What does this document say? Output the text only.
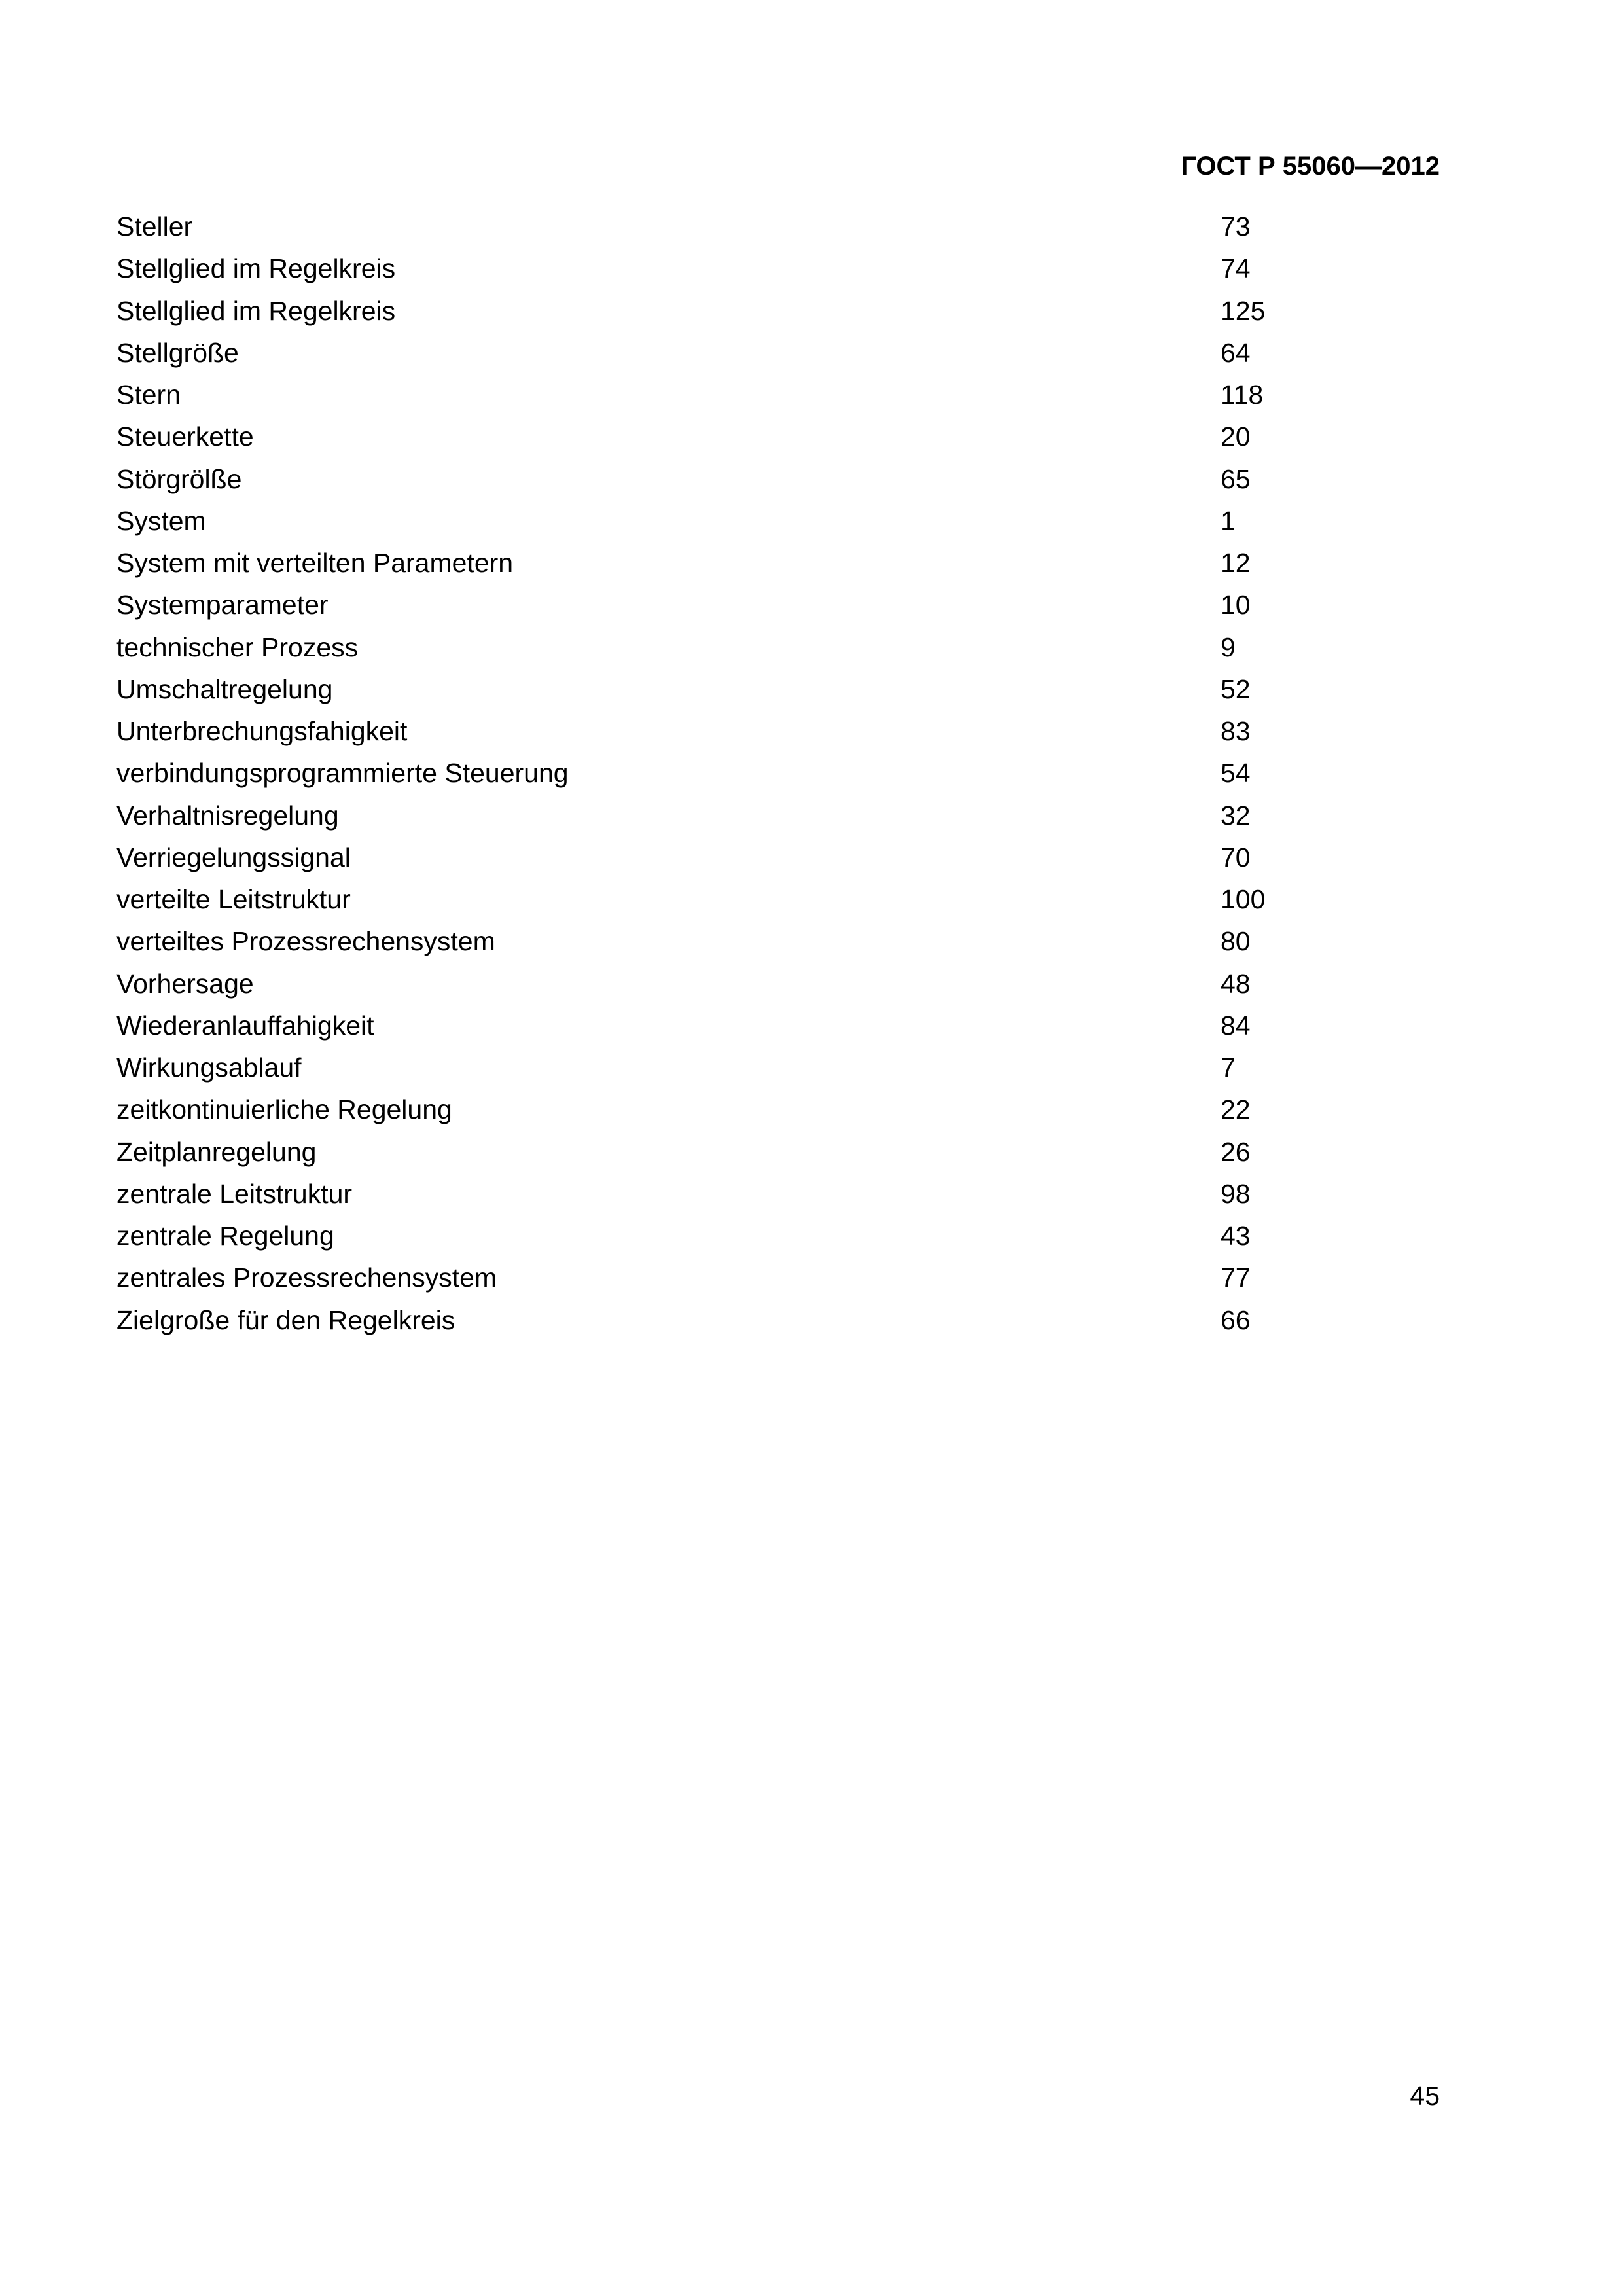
ГОСТ Р 55060—2012
Steller	73
Stellglied im Regelkreis	74
Stellglied im Regelkreis	125
Stellgröße	64
Stern	118
Steuerkette	20
Störgrölße	65
System	1
System mit verteilten Parametern	12
Systemparameter	10
technischer Prozess	9
Umschaltregelung	52
Unterbrechungsfahigkeit	83
verbindungsprogrammierte Steuerung	54
Verhaltnisregelung	32
Verriegelungssignal	70
verteilte Leitstruktur	100
verteiltes Prozessrechensystem	80
Vorhersage	48
Wiederanlauffahigkeit	84
Wirkungsablauf	7
zeitkontinuierliche Regelung	22
Zeitplanregelung	26
zentrale Leitstruktur	98
zentrale Regelung	43
zentrales Prozessrechensystem	77
Zielgroße für den Regelkreis	66
45
